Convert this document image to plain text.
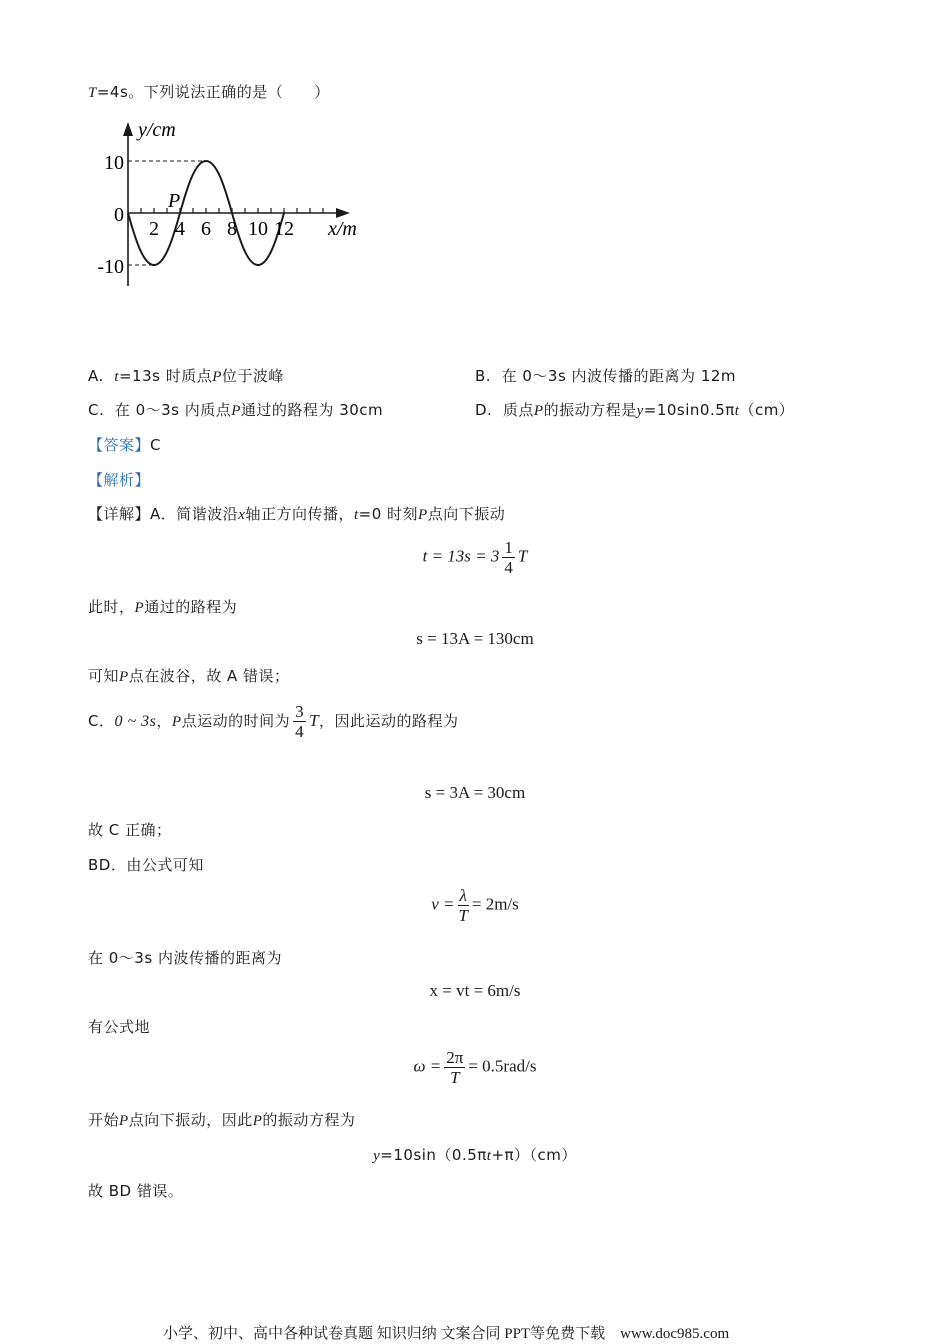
T=4s。下列说法正确的是（　　）
y/cm
x/m
P
10
0
-10
2 4 6 8 10 12
A. t=13s 时质点P位于波峰	B. 在 0～3s 内波传播的距离为 12m
C. 在 0～3s 内质点P通过的路程为 30cm	D. 质点P的振动方程是y=10sin0.5πt（cm）
【答案】C
【解析】
【详解】A．简谐波沿x轴正方向传播，t=0 时刻P点向下振动
$t = 13s = 3 \frac{1}{4}$ T
此时，P通过的路程为
s = 13A = 130cm
可知P点在波谷，故 A 错误；
C．0 ~ 3s，P点运动的时间为 $\frac{3}{4}$ T，因此运动的路程为
s = 3A = 30cm
故 C 正确；
BD．由公式可知
$v = \frac{\lambda}{T} = 2m/s$
在 0～3s 内波传播的距离为
x = vt = 6m/s
有公式地
$\omega = \frac{2\pi}{T} = 0.5rad/s$
开始P点向下振动，因此P的振动方程为
y=10sin（0.5πt+π）（cm）
故 BD 错误。
小学、初中、高中各种试卷真题 知识归纳 文案合同 PPT等免费下载 www.doc985.com
